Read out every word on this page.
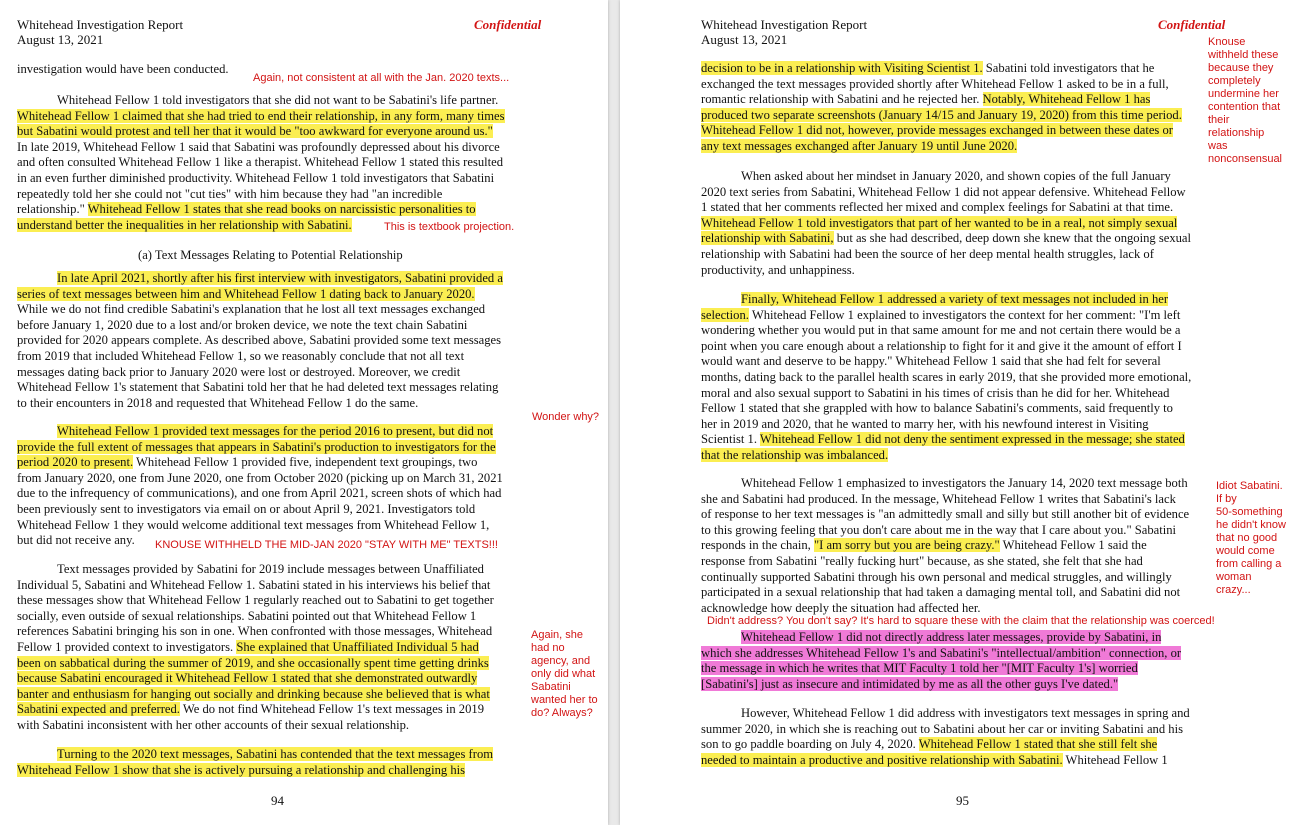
Whitehead Investigation Report
August 13, 2021
Confidential

investigation would have been conducted.

Whitehead Fellow 1 told investigators that she did not want to be Sabatini's life partner.
Whitehead Fellow 1 claimed that she had tried to end their relationship, in any form, many times
but Sabatini would protest and tell her that it would be "too awkward for everyone around us."
In late 2019, Whitehead Fellow 1 said that Sabatini was profoundly depressed about his divorce
and often consulted Whitehead Fellow 1 like a therapist. Whitehead Fellow 1 stated this resulted
in an even further diminished productivity. Whitehead Fellow 1 told investigators that Sabatini
repeatedly told her she could not "cut ties" with him because they had "an incredible
relationship." Whitehead Fellow 1 states that she read books on narcissistic personalities to
understand better the inequalities in her relationship with Sabatini.

(a) Text Messages Relating to Potential Relationship

In late April 2021, shortly after his first interview with investigators, Sabatini provided a
series of text messages between him and Whitehead Fellow 1 dating back to January 2020.
While we do not find credible Sabatini's explanation that he lost all text messages exchanged
before January 1, 2020 due to a lost and/or broken device, we note the text chain Sabatini
provided for 2020 appears complete. As described above, Sabatini provided some text messages
from 2019 that included Whitehead Fellow 1, so we reasonably conclude that not all text
messages dating back prior to January 2020 were lost or destroyed. Moreover, we credit
Whitehead Fellow 1's statement that Sabatini told her that he had deleted text messages relating
to their encounters in 2018 and requested that Whitehead Fellow 1 do the same.

Whitehead Fellow 1 provided text messages for the period 2016 to present, but did not
provide the full extent of messages that appears in Sabatini's production to investigators for the
period 2020 to present. Whitehead Fellow 1 provided five, independent text groupings, two
from January 2020, one from June 2020, one from October 2020 (picking up on March 31, 2021
due to the infrequency of communications), and one from April 2021, screen shots of which had
been previously sent to investigators via email on or about April 9, 2021. Investigators told
Whitehead Fellow 1 they would welcome additional text messages from Whitehead Fellow 1,
but did not receive any.

Text messages provided by Sabatini for 2019 include messages between Unaffiliated
Individual 5, Sabatini and Whitehead Fellow 1. Sabatini stated in his interviews his belief that
these messages show that Whitehead Fellow 1 regularly reached out to Sabatini to get together
socially, even outside of sexual relationships. Sabatini pointed out that Whitehead Fellow 1
references Sabatini bringing his son in one. When confronted with those messages, Whitehead
Fellow 1 provided context to investigators. She explained that Unaffiliated Individual 5 had
been on sabbatical during the summer of 2019, and she occasionally spent time getting drinks
because Sabatini encouraged it Whitehead Fellow 1 stated that she demonstrated outwardly
banter and enthusiasm for hanging out socially and drinking because she believed that is what
Sabatini expected and preferred. We do not find Whitehead Fellow 1's text messages in 2019
with Sabatini inconsistent with her other accounts of their sexual relationship.

Turning to the 2020 text messages, Sabatini has contended that the text messages from
Whitehead Fellow 1 show that she is actively pursuing a relationship and challenging his

94
Again, not consistent at all with the Jan. 2020 texts...
This is textbook projection.
Wonder why?
KNOUSE WITHHELD THE MID-JAN 2020 "STAY WITH ME" TEXTS!!!
Again, she
had no
agency, and
only did what
Sabatini
wanted her to
do? Always?
Whitehead Investigation Report
August 13, 2021
Confidential

decision to be in a relationship with Visiting Scientist 1. Sabatini told investigators that he
exchanged the text messages provided shortly after Whitehead Fellow 1 asked to be in a full,
romantic relationship with Sabatini and he rejected her. Notably, Whitehead Fellow 1 has
produced two separate screenshots (January 14/15 and January 19, 2020) from this time period.
Whitehead Fellow 1 did not, however, provide messages exchanged in between these dates or
any text messages exchanged after January 19 until June 2020.

When asked about her mindset in January 2020, and shown copies of the full January
2020 text series from Sabatini, Whitehead Fellow 1 did not appear defensive. Whitehead Fellow
1 stated that her comments reflected her mixed and complex feelings for Sabatini at that time.
Whitehead Fellow 1 told investigators that part of her wanted to be in a real, not simply sexual
relationship with Sabatini, but as she had described, deep down she knew that the ongoing sexual
relationship with Sabatini had been the source of her deep mental health struggles, lack of
productivity, and unhappiness.

Finally, Whitehead Fellow 1 addressed a variety of text messages not included in her
selection. Whitehead Fellow 1 explained to investigators the context for her comment: "I'm left
wondering whether you would put in that same amount for me and not certain there would be a
point when you care enough about a relationship to fight for it and give it the amount of effort I
would want and deserve to be happy." Whitehead Fellow 1 said that she had felt for several
months, dating back to the parallel health scares in early 2019, that she provided more emotional,
moral and also sexual support to Sabatini in his times of crisis than he did for her. Whitehead
Fellow 1 stated that she grappled with how to balance Sabatini's comments, said frequently to
her in 2019 and 2020, that he wanted to marry her, with his newfound interest in Visiting
Scientist 1. Whitehead Fellow 1 did not deny the sentiment expressed in the message; she stated
that the relationship was imbalanced.

Whitehead Fellow 1 emphasized to investigators the January 14, 2020 text message both
she and Sabatini had produced. In the message, Whitehead Fellow 1 writes that Sabatini's lack
of response to her text messages is "an admittedly small and silly but still another bit of evidence
to this growing feeling that you don't care about me in the way that I care about you." Sabatini
responds in the chain, "I am sorry but you are being crazy." Whitehead Fellow 1 said the
response from Sabatini "really fucking hurt" because, as she stated, she felt that she had
continually supported Sabatini through his own personal and medical struggles, and willingly
participated in a sexual relationship that had taken a damaging mental toll, and Sabatini did not
acknowledge how deeply the situation had affected her.

Whitehead Fellow 1 did not directly address later messages, provide by Sabatini, in
which she addresses Whitehead Fellow 1's and Sabatini's "intellectual/ambition" connection, or
the message in which he writes that MIT Faculty 1 told her "[MIT Faculty 1's] worried
[Sabatini's] just as insecure and intimidated by me as all the other guys I've dated."

However, Whitehead Fellow 1 did address with investigators text messages in spring and
summer 2020, in which she is reaching out to Sabatini about her car or inviting Sabatini and his
son to go paddle boarding on July 4, 2020. Whitehead Fellow 1 stated that she still felt she
needed to maintain a productive and positive relationship with Sabatini. Whitehead Fellow 1

95
Knouse
withheld these
because they
completely
undermine her
contention that
their
relationship
was
nonconsensual
Idiot Sabatini.
If by
50-something
he didn't know
that no good
would come
from calling a
woman
crazy...
Didn't address? You don't say? It's hard to square these with the claim that the relationship was coerced!
